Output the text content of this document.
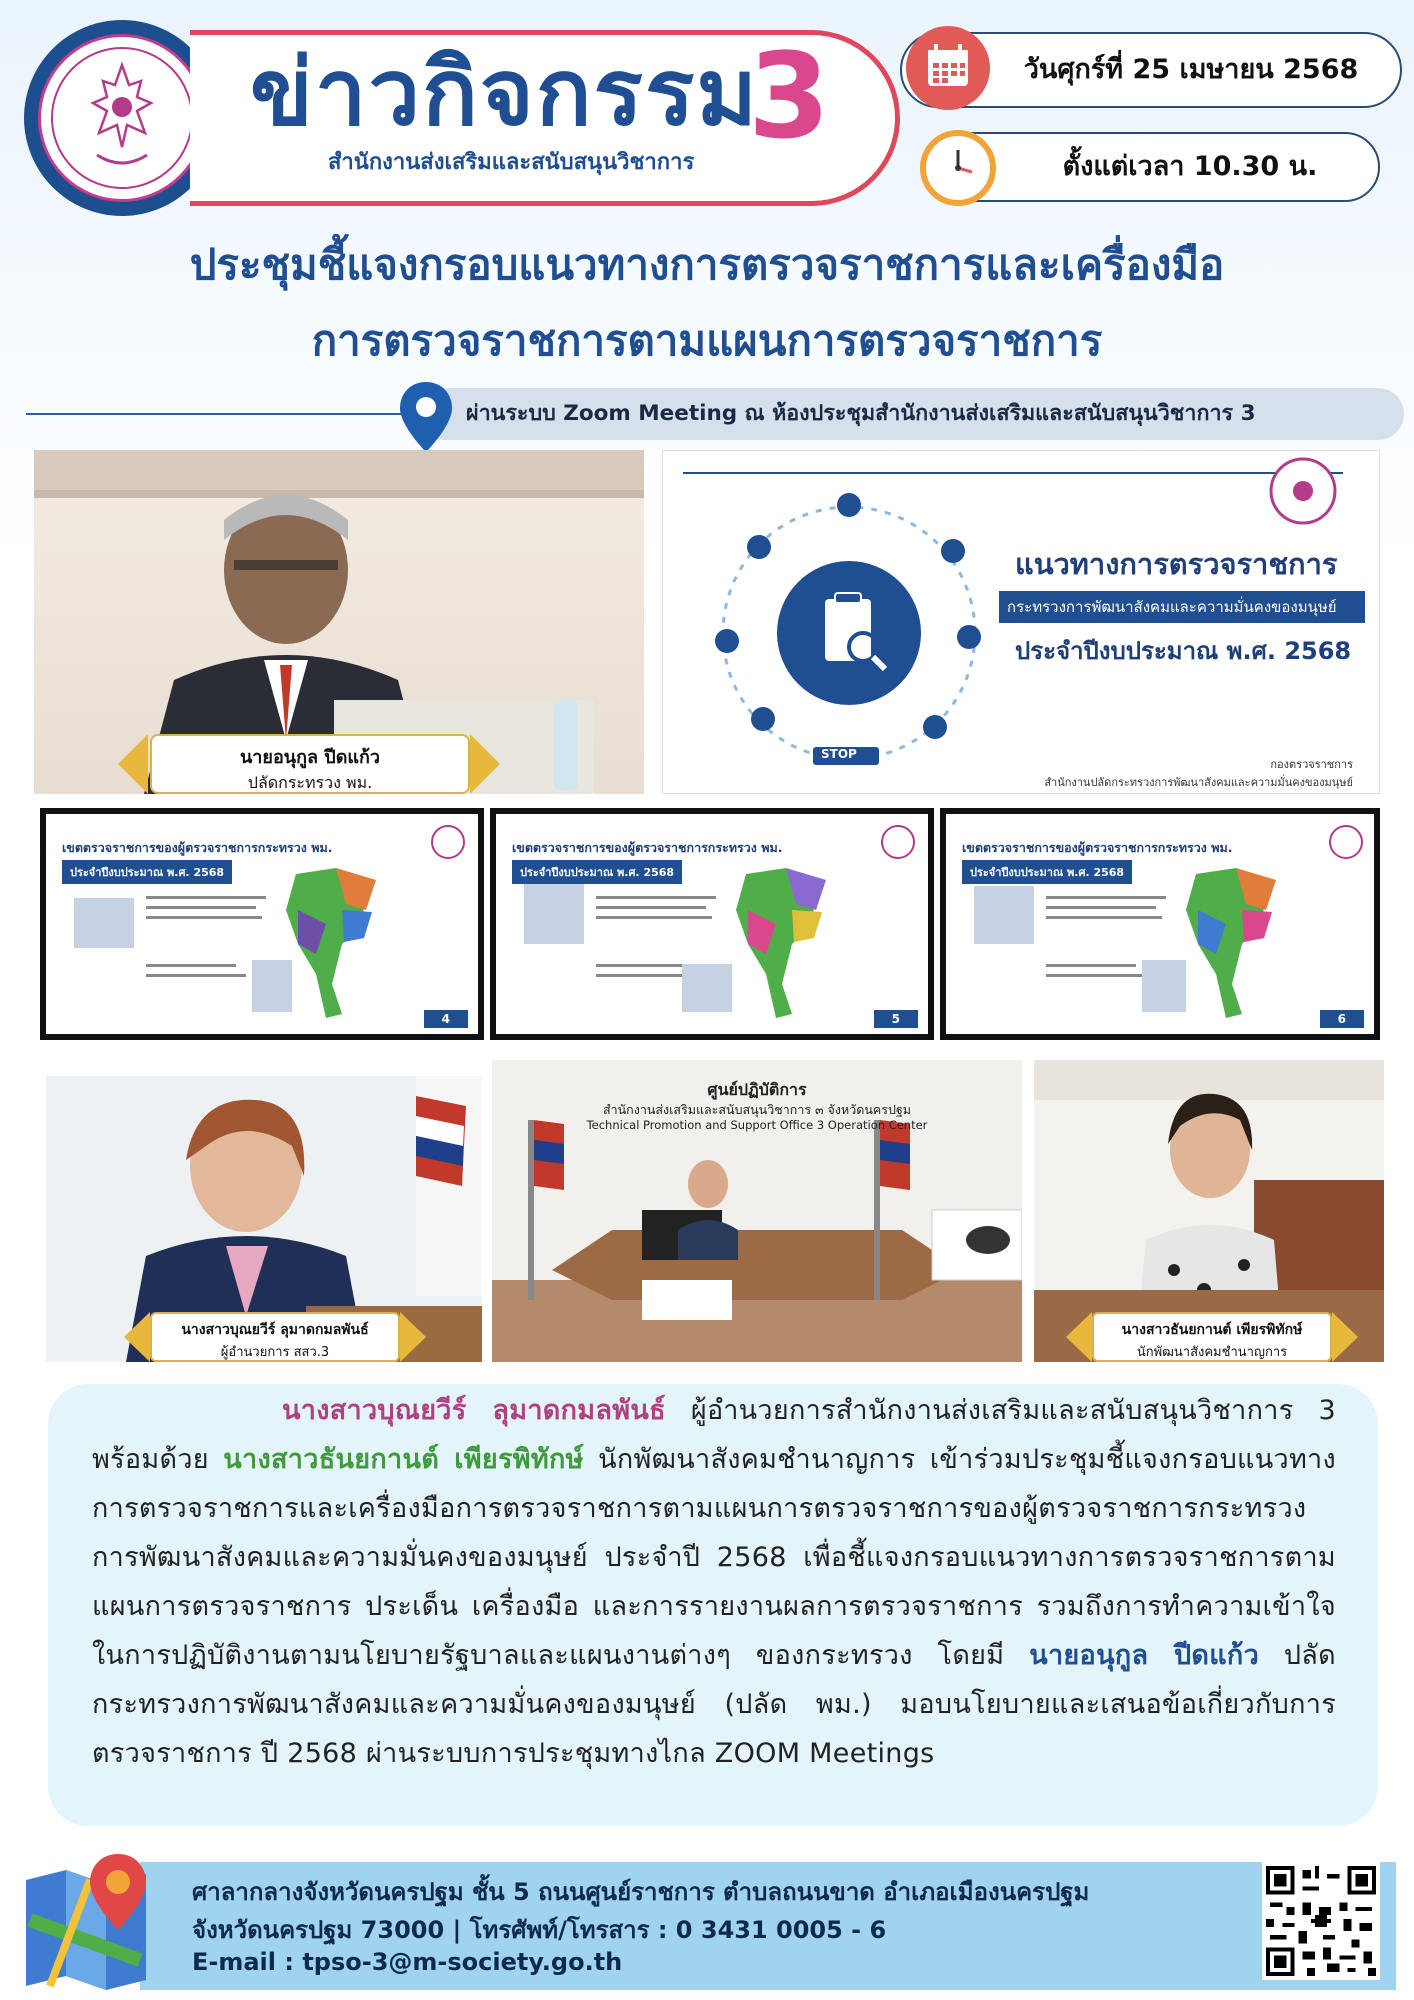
ข่าวกิจกรรม
3
สำนักงานส่งเสริมและสนับสนุนวิชาการ
วันศุกร์ที่ 25 เมษายน 2568
ตั้งแต่เวลา 10.30 น.
ประชุมชี้แจงกรอบแนวทางการตรวจราชการและเครื่องมือ
การตรวจราชการตามแผนการตรวจราชการ
ผ่านระบบ Zoom Meeting ณ ห้องประชุมสำนักงานส่งเสริมและสนับสนุนวิชาการ 3
นายอนุกูล ปีดแก้ว
ปลัดกระทรวง พม.
แนวทางการตรวจราชการ
กระทรวงการพัฒนาสังคมและความมั่นคงของมนุษย์
ประจำปีงบประมาณ พ.ศ. 2568
STOP
กองตรวจราชการ
สำนักงานปลัดกระทรวงการพัฒนาสังคมและความมั่นคงของมนุษย์
เขตตรวจราชการของผู้ตรวจราชการกระทรวง พม.
ประจำปีงบประมาณ พ.ศ. 2568
4
เขตตรวจราชการของผู้ตรวจราชการกระทรวง พม.
ประจำปีงบประมาณ พ.ศ. 2568
5
เขตตรวจราชการของผู้ตรวจราชการกระทรวง พม.
ประจำปีงบประมาณ พ.ศ. 2568
6
นางสาวบุณยวีร์ ลุมาดกมลพันธ์
ผู้อำนวยการ สสว.3
ศูนย์ปฏิบัติการ
สำนักงานส่งเสริมและสนับสนุนวิชาการ ๓ จังหวัดนครปฐม
Technical Promotion and Support Office 3 Operation Center
นางสาวธันยกานต์ เพียรพิทักษ์
นักพัฒนาสังคมชำนาญการ
นางสาวบุณยวีร์ ลุมาดกมลพันธ์ ผู้อำนวยการสำนักงานส่งเสริมและสนับสนุนวิชาการ 3 พร้อมด้วย นางสาวธันยกานต์ เพียรพิทักษ์ นักพัฒนาสังคมชำนาญการ เข้าร่วมประชุมชี้แจงกรอบแนวทางการตรวจราชการและเครื่องมือการตรวจราชการตามแผนการตรวจราชการของผู้ตรวจราชการกระทรวงการพัฒนาสังคมและความมั่นคงของมนุษย์ ประจำปี 2568 เพื่อชี้แจงกรอบแนวทางการตรวจราชการตามแผนการตรวจราชการ ประเด็น เครื่องมือ และการรายงานผลการตรวจราชการ รวมถึงการทำความเข้าใจในการปฏิบัติงานตามนโยบายรัฐบาลและแผนงานต่างๆ ของกระทรวง โดยมี นายอนุกูล ปีดแก้ว ปลัดกระทรวงการพัฒนาสังคมและความมั่นคงของมนุษย์ (ปลัด พม.) มอบนโยบายและเสนอข้อเกี่ยวกับการตรวจราชการ ปี 2568 ผ่านระบบการประชุมทางไกล ZOOM Meetings
ศาลากลางจังหวัดนครปฐม ชั้น 5 ถนนศูนย์ราชการ ตำบลถนนขาด อำเภอเมืองนครปฐม
จังหวัดนครปฐม 73000 | โทรศัพท์/โทรสาร : 0 3431 0005 - 6
E-mail : tpso-3@m-society.go.th
